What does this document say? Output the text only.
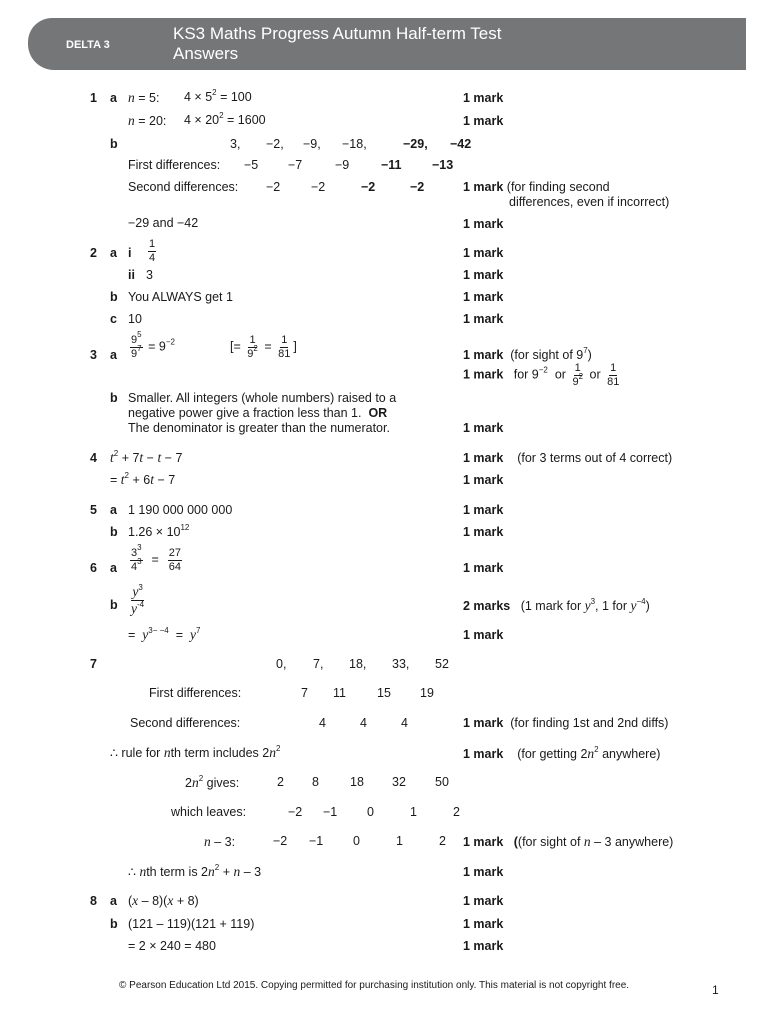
DELTA 3
KS3 Maths Progress Autumn Half-term Test
Answers
1 a n = 5: $4 \times 5^2 = 100$	1 mark
n = 20: $4 \times 20^2 = 1600$	1 mark
b	3, −2, −9, −18,	−29, −42
First differences: −5 −7	−9	−11 −13
Second differences: −2 −2	−2	−2	1 mark (for finding second
differences, even if incorrect)
−29 and −42	1 mark
2 a i $\frac{1}{4}$	1 mark
ii 3	1 mark
b You ALWAYS get 1	1 mark
c 10	1 mark
3 a $\frac{9^5}{9^7} = 9^{-2}$	[= $\frac{1}{9^2} = \frac{1}{81}$ ]
1 mark (for sight of $9^7$)
1 mark for $9^{-2}$ or $\frac{1}{9^2}$ or $\frac{1}{81}$
b Smaller. All integers (whole numbers) raised to a
negative power give a fraction less than 1. OR
The denominator is greater than the numerator.	1 mark
4 $t^2 + 7t - t - 7$	1 mark (for 3 terms out of 4 correct)
= $t^2 + 6t - 7$	1 mark
5 a 1 190 000 000 000	1 mark
b $1.26 \times 10^{12}$	1 mark
6 a $\frac{3^3}{4^3} = \frac{27}{64}$	1 mark
b $\frac{y^3}{y^{-4}}$	2 marks (1 mark for $y^3$, 1 for $y^{-4}$)
= $y^{3- -4} = y^7$	1 mark
7	0, 7, 18, 33, 52
First differences:	7 11 15 19
Second differences:	4	4	4	1 mark (for finding 1st and 2nd diffs)
∴ rule for nth term includes $2n^2$	1 mark (for getting $2n^2$ anywhere)
$2n^2$ gives:	2 8 18 32 50
which leaves:	−2 −1 0	1	2
n – 3:	−2 −1 0	1	2 1 mark ((for sight of n – 3 anywhere)
∴ nth term is $2n^2 + n - 3$	1 mark
8 a (x – 8)(x + 8)	1 mark
b (121 – 119)(121 + 119)	1 mark
= 2 × 240 = 480	1 mark
© Pearson Education Ltd 2015. Copying permitted for purchasing institution only. This material is not copyright free.	1
